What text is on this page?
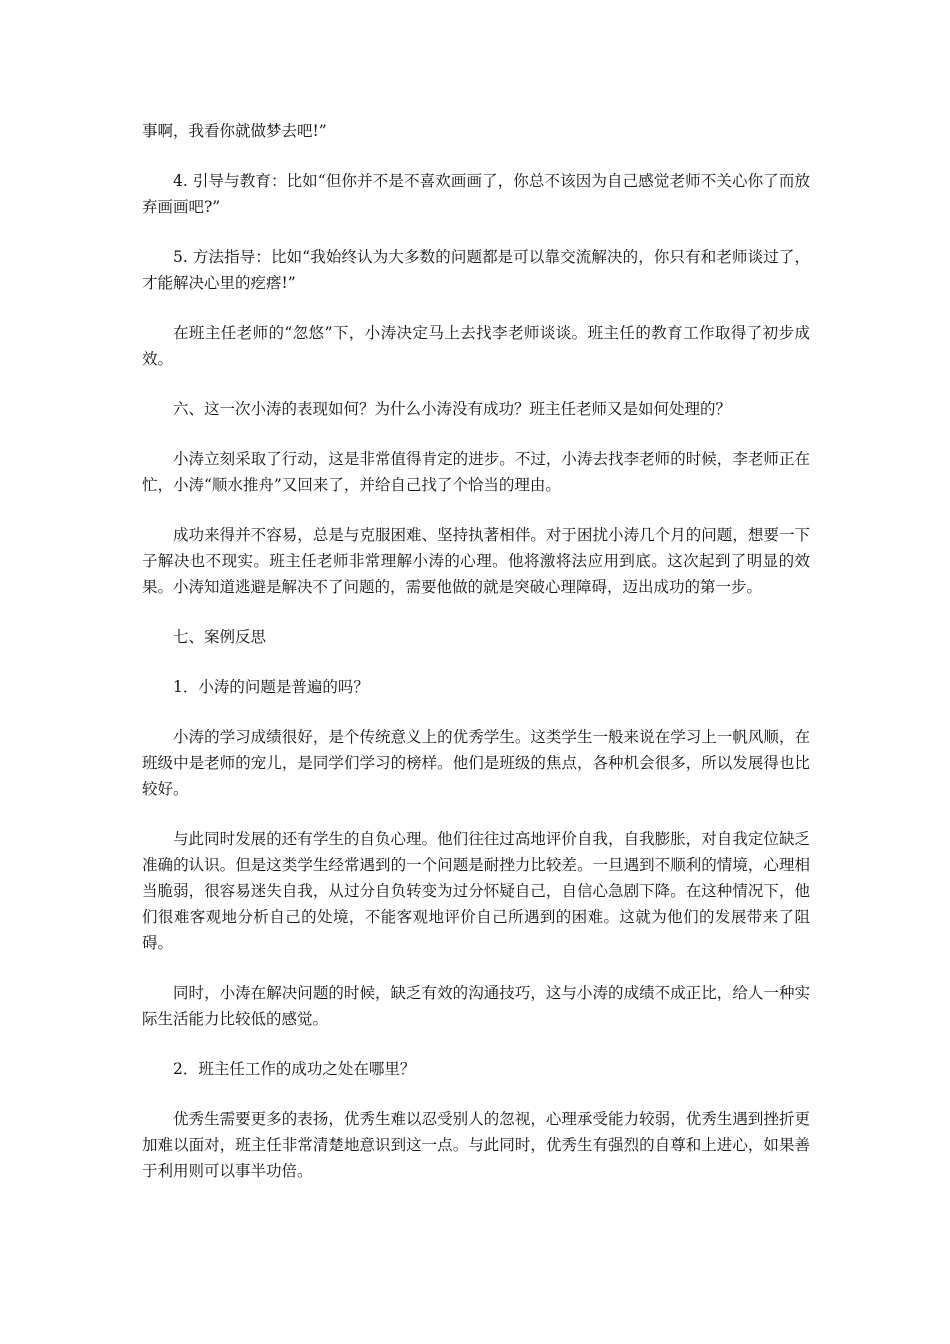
事啊，我看你就做梦去吧!”

4. 引导与教育：比如“但你并不是不喜欢画画了，你总不该因为自己感觉老师不关心你了而放弃画画吧?”

5. 方法指导：比如“我始终认为大多数的问题都是可以靠交流解决的，你只有和老师谈过了，才能解决心里的疙瘩!”

在班主任老师的“忽悠”下，小涛决定马上去找李老师谈谈。班主任的教育工作取得了初步成效。

六、这一次小涛的表现如何？为什么小涛没有成功？班主任老师又是如何处理的？

小涛立刻采取了行动，这是非常值得肯定的进步。不过，小涛去找李老师的时候，李老师正在忙，小涛“顺水推舟”又回来了，并给自己找了个恰当的理由。

成功来得并不容易，总是与克服困难、坚持执著相伴。对于困扰小涛几个月的问题，想要一下子解决也不现实。班主任老师非常理解小涛的心理。他将激将法应用到底。这次起到了明显的效果。小涛知道逃避是解决不了问题的，需要他做的就是突破心理障碍，迈出成功的第一步。

七、案例反思

1．小涛的问题是普遍的吗？

小涛的学习成绩很好，是个传统意义上的优秀学生。这类学生一般来说在学习上一帆风顺，在班级中是老师的宠儿，是同学们学习的榜样。他们是班级的焦点，各种机会很多，所以发展得也比较好。

与此同时发展的还有学生的自负心理。他们往往过高地评价自我，自我膨胀，对自我定位缺乏准确的认识。但是这类学生经常遇到的一个问题是耐挫力比较差。一旦遇到不顺利的情境，心理相当脆弱，很容易迷失自我，从过分自负转变为过分怀疑自己，自信心急剧下降。在这种情况下，他们很难客观地分析自己的处境，不能客观地评价自己所遇到的困难。这就为他们的发展带来了阻碍。

同时，小涛在解决问题的时候，缺乏有效的沟通技巧，这与小涛的成绩不成正比，给人一种实际生活能力比较低的感觉。

2．班主任工作的成功之处在哪里？

优秀生需要更多的表扬，优秀生难以忍受别人的忽视，心理承受能力较弱，优秀生遇到挫折更加难以面对，班主任非常清楚地意识到这一点。与此同时，优秀生有强烈的自尊和上进心，如果善于利用则可以事半功倍。
